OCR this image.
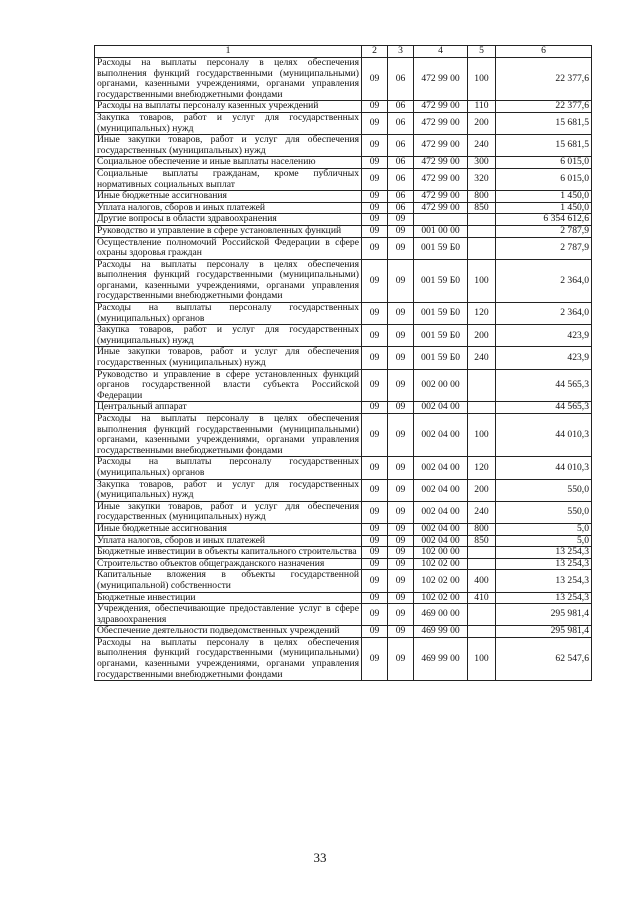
1	2	3	4	5	6
Расходы на выплаты персоналу в целях обеспечения выполнения функций государственными (муниципальными) органами, казенными учреждениями, органами управления государственными внебюджетными фондами	09	06	472 99 00	100	22 377,6
Расходы на выплаты персоналу казенных учреждений	09	06	472 99 00	110	22 377,6
Закупка товаров, работ и услуг для государственных (муниципальных) нужд	09	06	472 99 00	200	15 681,5
Иные закупки товаров, работ и услуг для обеспечения государственных (муниципальных) нужд	09	06	472 99 00	240	15 681,5
Социальное обеспечение и иные выплаты населению	09	06	472 99 00	300	6 015,0
Социальные выплаты гражданам, кроме публичных нормативных социальных выплат	09	06	472 99 00	320	6 015,0
Иные бюджетные ассигнования	09	06	472 99 00	800	1 450,0
Уплата налогов, сборов и иных платежей	09	06	472 99 00	850	1 450,0
Другие вопросы в области здравоохранения	09	09			6 354 612,6
Руководство и управление в сфере установленных функций	09	09	001 00 00		2 787,9
Осуществление полномочий Российской Федерации в сфере охраны здоровья граждан	09	09	001 59 Б0		2 787,9
Расходы на выплаты персоналу в целях обеспечения выполнения функций государственными (муниципальными) органами, казенными учреждениями, органами управления государственными внебюджетными фондами	09	09	001 59 Б0	100	2 364,0
Расходы на выплаты персоналу государственных (муниципальных) органов	09	09	001 59 Б0	120	2 364,0
Закупка товаров, работ и услуг для государственных (муниципальных) нужд	09	09	001 59 Б0	200	423,9
Иные закупки товаров, работ и услуг для обеспечения государственных (муниципальных) нужд	09	09	001 59 Б0	240	423,9
Руководство и управление в сфере установленных функций органов государственной власти субъекта Российской Федерации	09	09	002 00 00		44 565,3
Центральный аппарат	09	09	002 04 00		44 565,3
Расходы на выплаты персоналу в целях обеспечения выполнения функций государственными (муниципальными) органами, казенными учреждениями, органами управления государственными внебюджетными фондами	09	09	002 04 00	100	44 010,3
Расходы на выплаты персоналу государственных (муниципальных) органов	09	09	002 04 00	120	44 010,3
Закупка товаров, работ и услуг для государственных (муниципальных) нужд	09	09	002 04 00	200	550,0
Иные закупки товаров, работ и услуг для обеспечения государственных (муниципальных) нужд	09	09	002 04 00	240	550,0
Иные бюджетные ассигнования	09	09	002 04 00	800	5,0
Уплата налогов, сборов и иных платежей	09	09	002 04 00	850	5,0
Бюджетные инвестиции в объекты капитального строительства	09	09	102 00 00		13 254,3
Строительство объектов общегражданского назначения	09	09	102 02 00		13 254,3
Капитальные вложения в объекты государственной (муниципальной) собственности	09	09	102 02 00	400	13 254,3
Бюджетные инвестиции	09	09	102 02 00	410	13 254,3
Учреждения, обеспечивающие предоставление услуг в сфере здравоохранения	09	09	469 00 00		295 981,4
Обеспечение деятельности подведомственных учреждений	09	09	469 99 00		295 981,4
Расходы на выплаты персоналу в целях обеспечения выполнения функций государственными (муниципальными) органами, казенными учреждениями, органами управления государственными внебюджетными фондами	09	09	469 99 00	100	62 547,6
33
